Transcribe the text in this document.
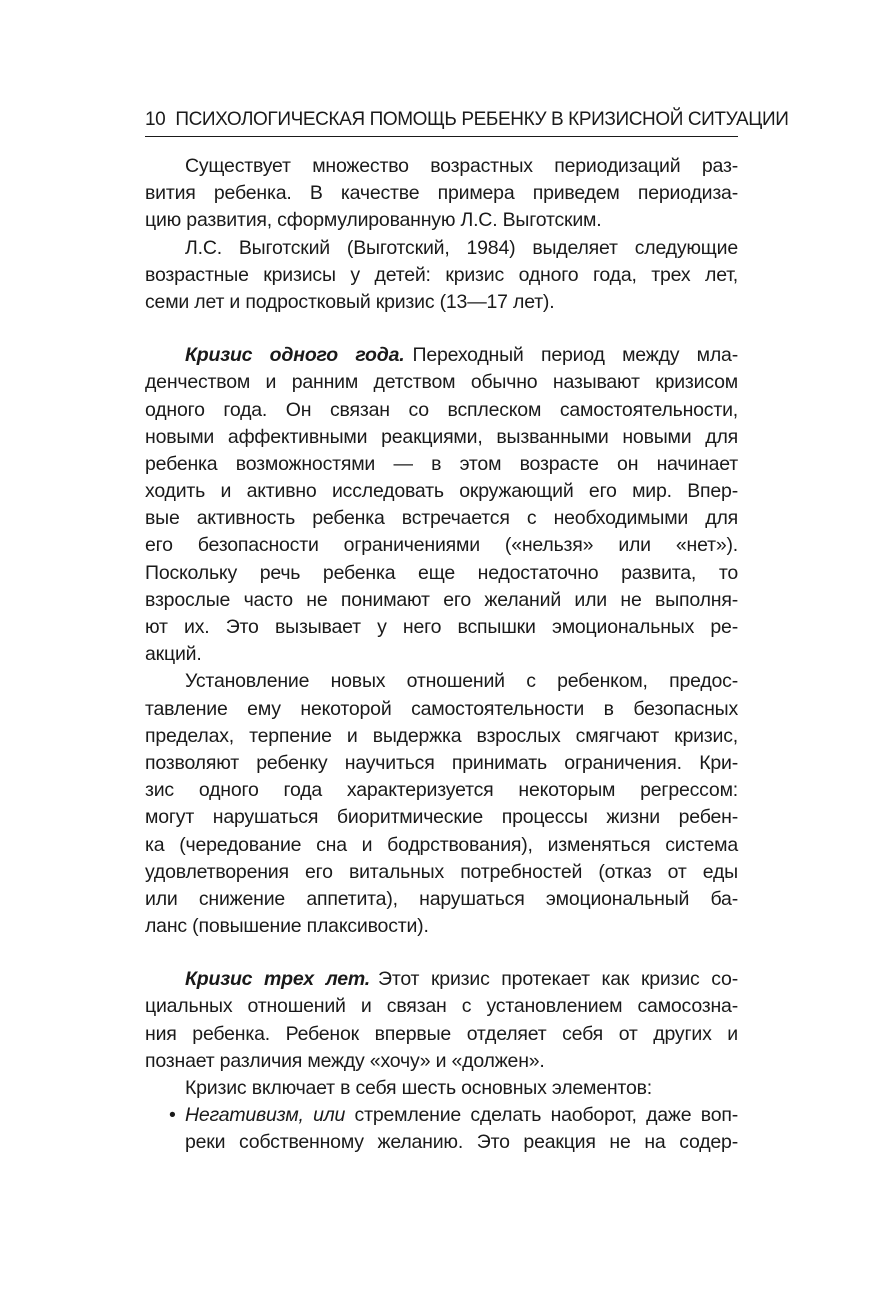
10 ПСИХОЛОГИЧЕСКАЯ ПОМОЩЬ РЕБЕНКУ В КРИЗИСНОЙ СИТУАЦИИ
Существует множество возрастных периодизаций раз-
вития ребенка. В качестве примера приведем периодиза-
цию развития, сформулированную Л.С. Выготским.
Л.С. Выготский (Выготский, 1984) выделяет следующие
возрастные кризисы у детей: кризис одного года, трех лет,
семи лет и подростковый кризис (13—17 лет).
Кризис одного года. Переходный период между мла-
денчеством и ранним детством обычно называют кризисом
одного года. Он связан со всплеском самостоятельности,
новыми аффективными реакциями, вызванными новыми для
ребенка возможностями — в этом возрасте он начинает
ходить и активно исследовать окружающий его мир. Впер-
вые активность ребенка встречается с необходимыми для
его безопасности ограничениями («нельзя» или «нет»).
Поскольку речь ребенка еще недостаточно развита, то
взрослые часто не понимают его желаний или не выполня-
ют их. Это вызывает у него вспышки эмоциональных ре-
акций.
Установление новых отношений с ребенком, предос-
тавление ему некоторой самостоятельности в безопасных
пределах, терпение и выдержка взрослых смягчают кризис,
позволяют ребенку научиться принимать ограничения. Кри-
зис одного года характеризуется некоторым регрессом:
могут нарушаться биоритмические процессы жизни ребен-
ка (чередование сна и бодрствования), изменяться система
удовлетворения его витальных потребностей (отказ от еды
или снижение аппетита), нарушаться эмоциональный ба-
ланс (повышение плаксивости).
Кризис трех лет. Этот кризис протекает как кризис со-
циальных отношений и связан с установлением самосозна-
ния ребенка. Ребенок впервые отделяет себя от других и
познает различия между «хочу» и «должен».
Кризис включает в себя шесть основных элементов:
• Негативизм, или стремление сделать наоборот, даже воп-
реки собственному желанию. Это реакция не на содер-
